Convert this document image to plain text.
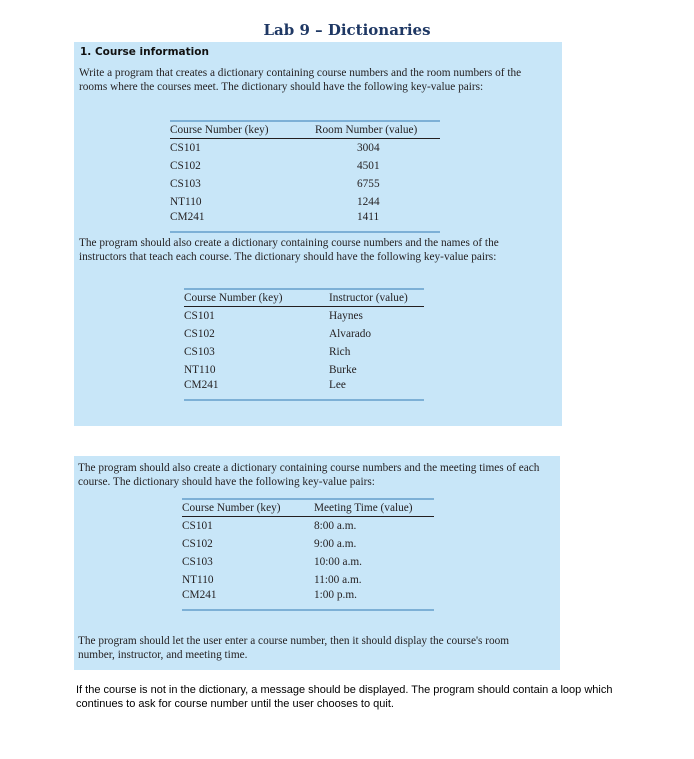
Lab 9 – Dictionaries
1. Course information
Write a program that creates a dictionary containing course numbers and the room numbers of the rooms where the courses meet. The dictionary should have the following key-value pairs:
Course Number (key)	Room Number (value)
CS101	3004
CS102	4501
CS103	6755
NT110	1244
CM241	1411
The program should also create a dictionary containing course numbers and the names of the instructors that teach each course. The dictionary should have the following key-value pairs:
Course Number (key)	Instructor (value)
CS101	Haynes
CS102	Alvarado
CS103	Rich
NT110	Burke
CM241	Lee
The program should also create a dictionary containing course numbers and the meeting times of each course. The dictionary should have the following key-value pairs:
Course Number (key)	Meeting Time (value)
CS101	8:00 a.m.
CS102	9:00 a.m.
CS103	10:00 a.m.
NT110	11:00 a.m.
CM241	1:00 p.m.
The program should let the user enter a course number, then it should display the course's room number, instructor, and meeting time.
If the course is not in the dictionary, a message should be displayed. The program should contain a loop which continues to ask for course number until the user chooses to quit.
